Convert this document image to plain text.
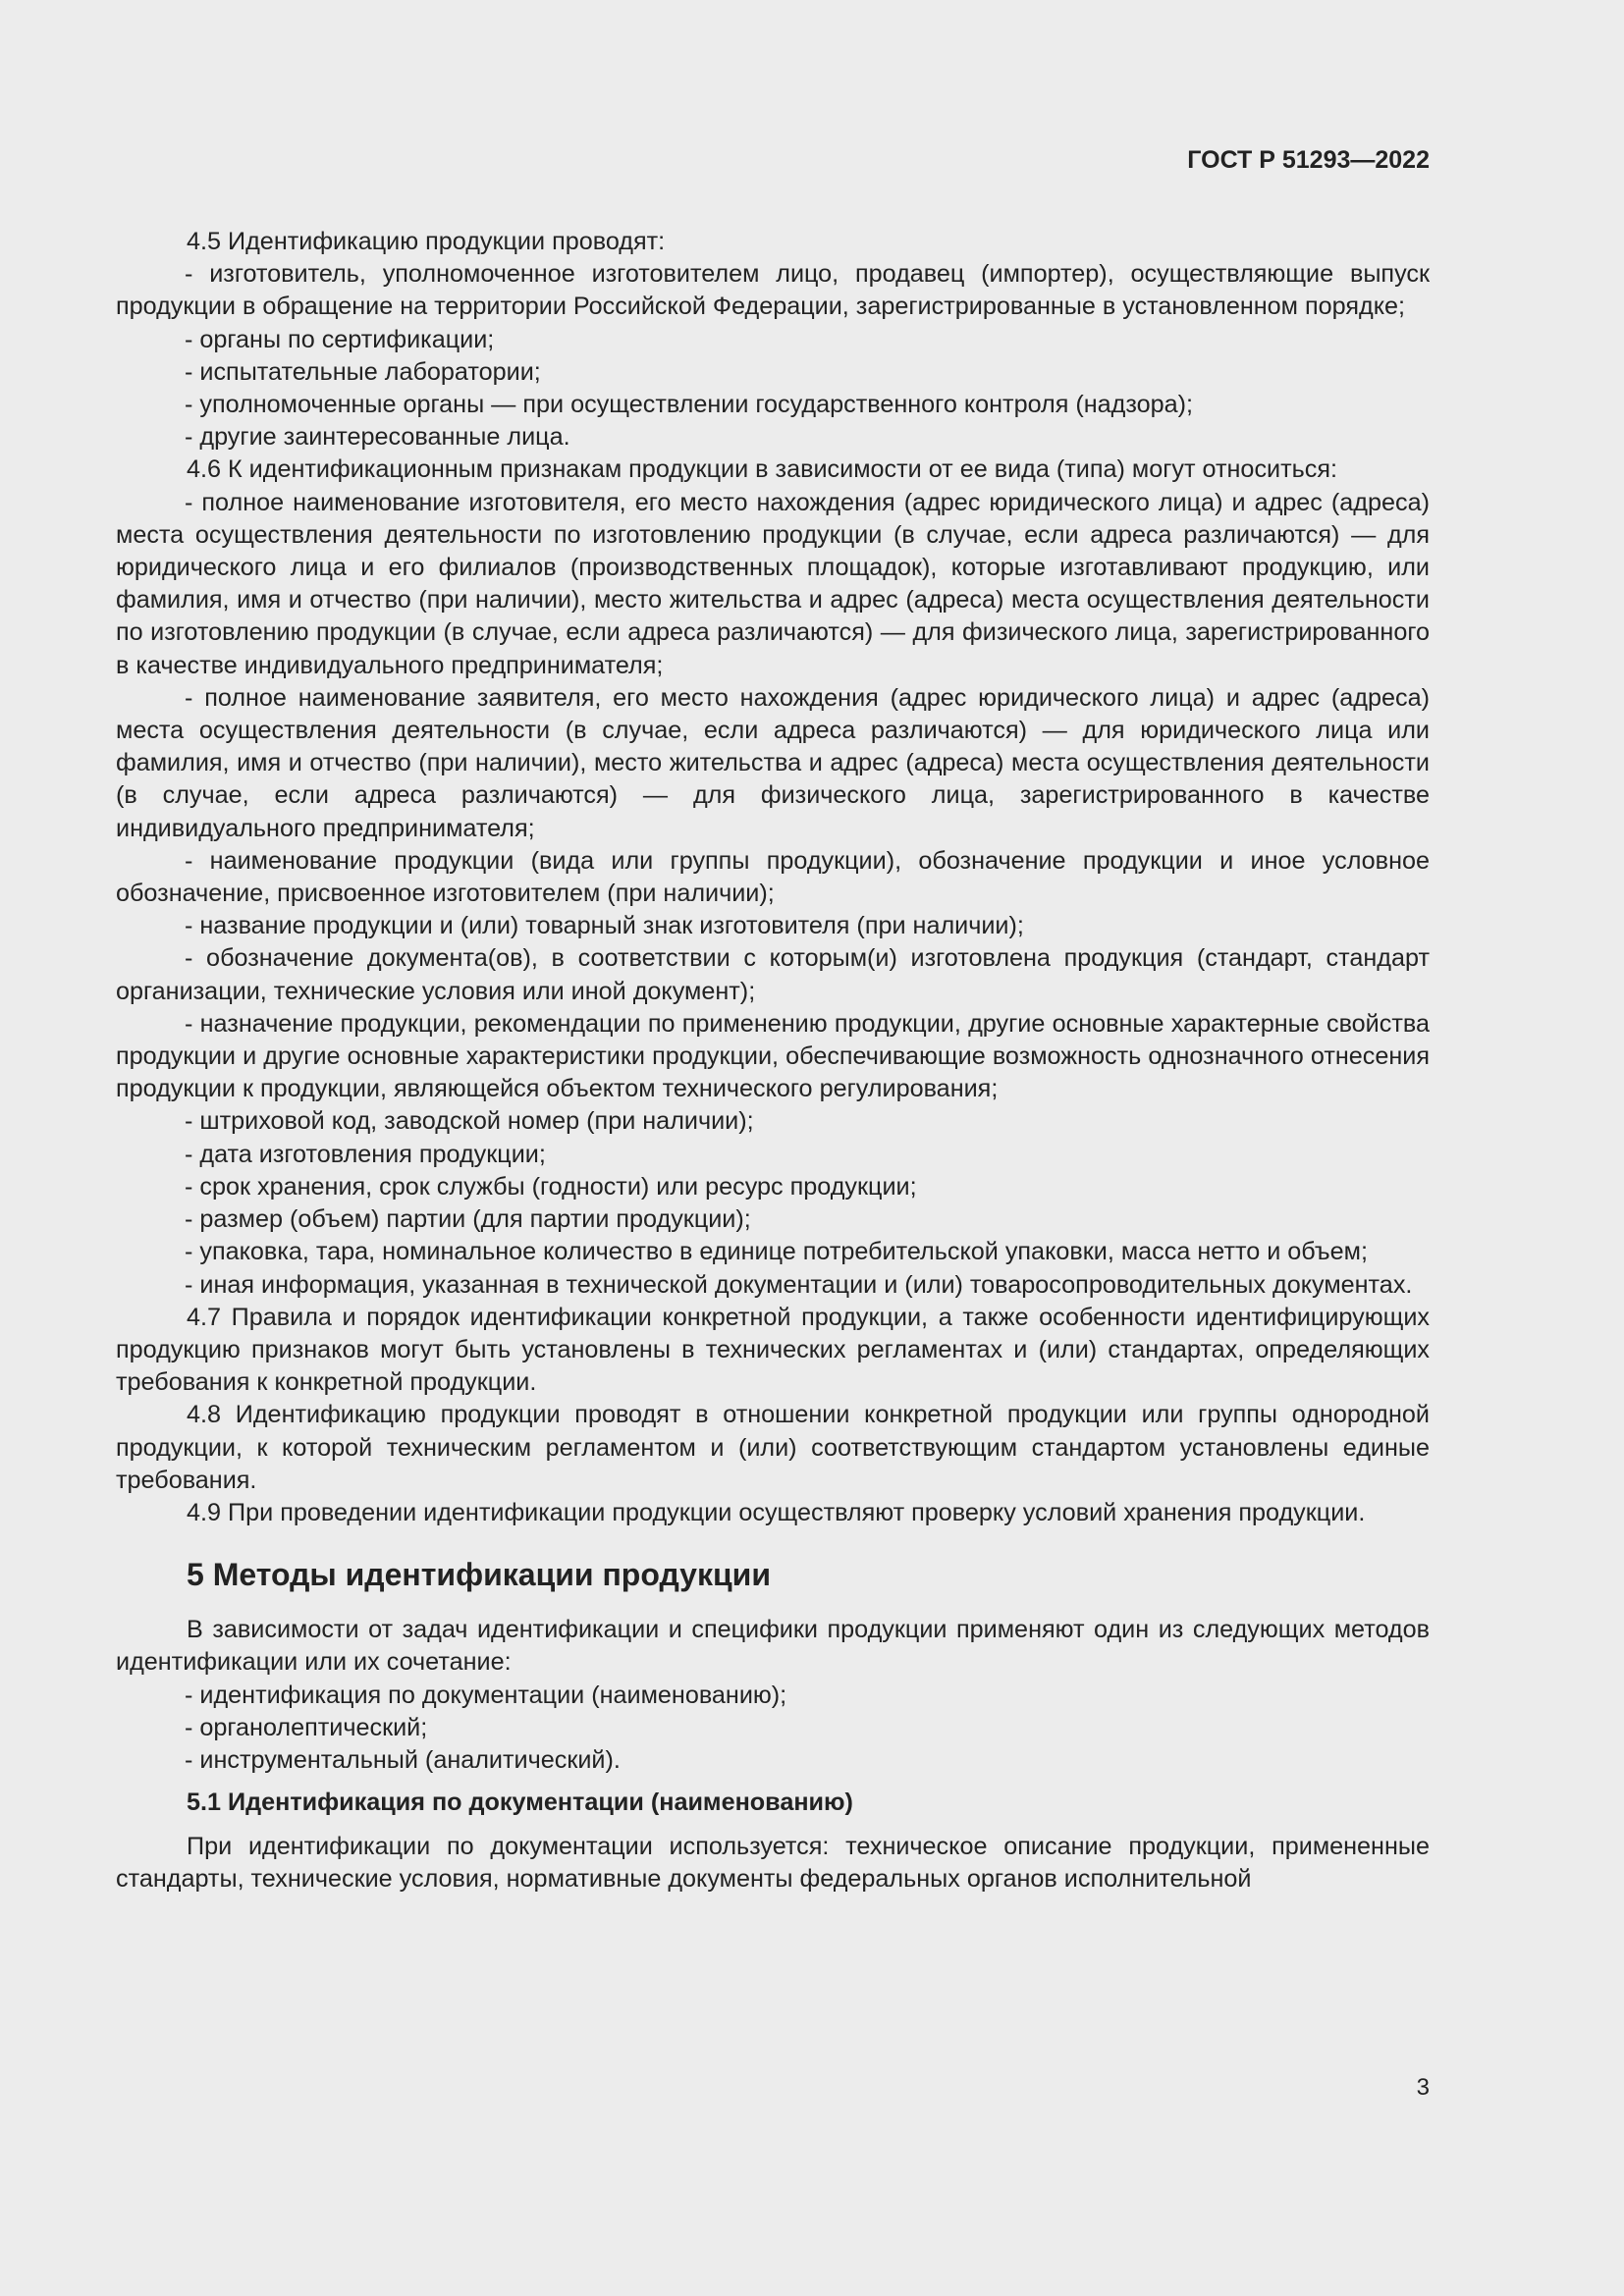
ГОСТ Р 51293—2022

4.5 Идентификацию продукции проводят:

- изготовитель, уполномоченное изготовителем лицо, продавец (импортер), осуществляющие выпуск продукции в обращение на территории Российской Федерации, зарегистрированные в установленном порядке;

- органы по сертификации;

- испытательные лаборатории;

- уполномоченные органы — при осуществлении государственного контроля (надзора);

- другие заинтересованные лица.

4.6 К идентификационным признакам продукции в зависимости от ее вида (типа) могут относиться:

- полное наименование изготовителя, его место нахождения (адрес юридического лица) и адрес (адреса) места осуществления деятельности по изготовлению продукции (в случае, если адреса различаются) — для юридического лица и его филиалов (производственных площадок), которые изготавливают продукцию, или фамилия, имя и отчество (при наличии), место жительства и адрес (адреса) места осуществления деятельности по изготовлению продукции (в случае, если адреса различаются) — для физического лица, зарегистрированного в качестве индивидуального предпринимателя;

- полное наименование заявителя, его место нахождения (адрес юридического лица) и адрес (адреса) места осуществления деятельности (в случае, если адреса различаются) — для юридического лица или фамилия, имя и отчество (при наличии), место жительства и адрес (адреса) места осуществления деятельности (в случае, если адреса различаются) — для физического лица, зарегистрированного в качестве индивидуального предпринимателя;

- наименование продукции (вида или группы продукции), обозначение продукции и иное условное обозначение, присвоенное изготовителем (при наличии);

- название продукции и (или) товарный знак изготовителя (при наличии);

- обозначение документа(ов), в соответствии с которым(и) изготовлена продукция (стандарт, стандарт организации, технические условия или иной документ);

- назначение продукции, рекомендации по применению продукции, другие основные характерные свойства продукции и другие основные характеристики продукции, обеспечивающие возможность однозначного отнесения продукции к продукции, являющейся объектом технического регулирования;

- штриховой код, заводской номер (при наличии);

- дата изготовления продукции;

- срок хранения, срок службы (годности) или ресурс продукции;

- размер (объем) партии (для партии продукции);

- упаковка, тара, номинальное количество в единице потребительской упаковки, масса нетто и объем;

- иная информация, указанная в технической документации и (или) товаросопроводительных документах.

4.7 Правила и порядок идентификации конкретной продукции, а также особенности идентифицирующих продукцию признаков могут быть установлены в технических регламентах и (или) стандартах, определяющих требования к конкретной продукции.

4.8 Идентификацию продукции проводят в отношении конкретной продукции или группы однородной продукции, к которой техническим регламентом и (или) соответствующим стандартом установлены единые требования.

4.9 При проведении идентификации продукции осуществляют проверку условий хранения продукции.

5 Методы идентификации продукции

В зависимости от задач идентификации и специфики продукции применяют один из следующих методов идентификации или их сочетание:

- идентификация по документации (наименованию);

- органолептический;

- инструментальный (аналитический).

5.1 Идентификация по документации (наименованию)

При идентификации по документации используется: техническое описание продукции, примененные стандарты, технические условия, нормативные документы федеральных органов исполнительной

3
